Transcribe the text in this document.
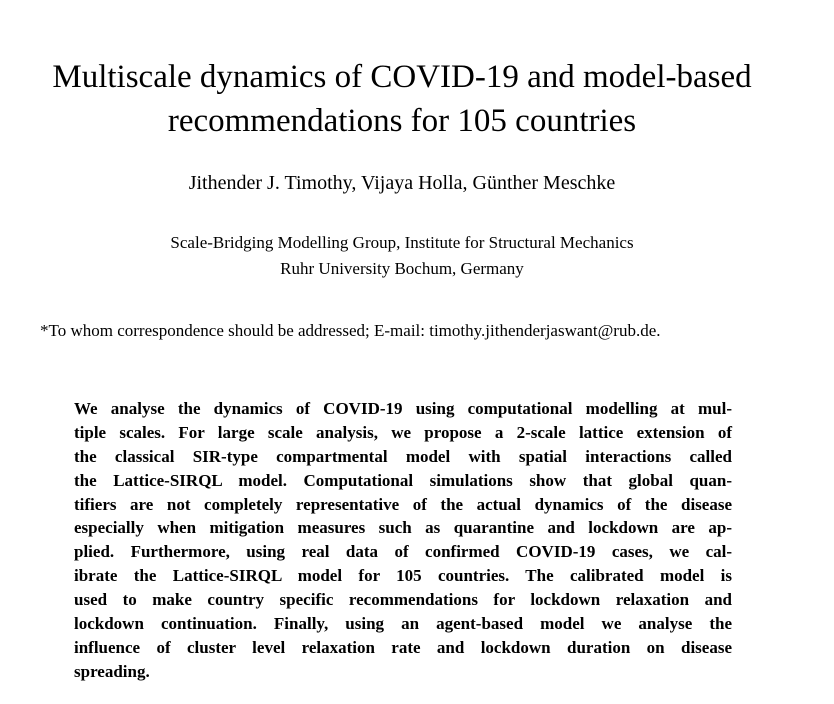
Multiscale dynamics of COVID-19 and model-based
recommendations for 105 countries
Jithender J. Timothy, Vijaya Holla, Günther Meschke
Scale-Bridging Modelling Group, Institute for Structural Mechanics
Ruhr University Bochum, Germany
*To whom correspondence should be addressed; E-mail: timothy.jithenderjaswant@rub.de.
We analyse the dynamics of COVID-19 using computational modelling at mul-
tiple scales. For large scale analysis, we propose a 2-scale lattice extension of
the classical SIR-type compartmental model with spatial interactions called
the Lattice-SIRQL model. Computational simulations show that global quan-
tifiers are not completely representative of the actual dynamics of the disease
especially when mitigation measures such as quarantine and lockdown are ap-
plied. Furthermore, using real data of confirmed COVID-19 cases, we cal-
ibrate the Lattice-SIRQL model for 105 countries. The calibrated model is
used to make country specific recommendations for lockdown relaxation and
lockdown continuation. Finally, using an agent-based model we analyse the
influence of cluster level relaxation rate and lockdown duration on disease
spreading.
